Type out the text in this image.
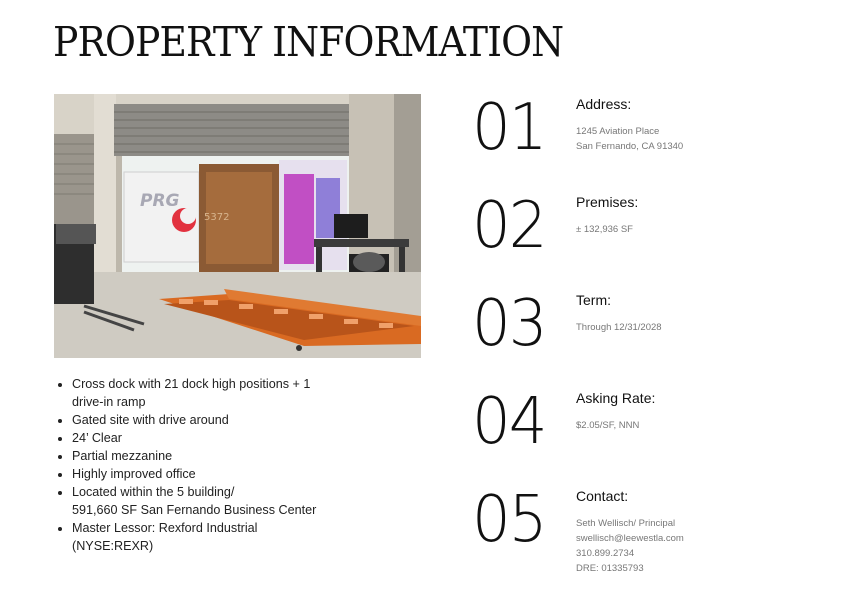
PROPERTY INFORMATION
PRG
5372
• Cross dock with 21 dock high positions + 1
drive-in ramp
• Gated site with drive around
• 24’ Clear
• Partial mezzanine
• Highly improved office
• Located within the 5 building/
591,660 SF San Fernando Business Center
• Master Lessor: Rexford Industrial
(NYSE:REXR)
01 Address:
1245 Aviation Place
San Fernando, CA 91340
02 Premises:
± 132,936 SF
03 Term:
Through 12/31/2028
04 Asking Rate:
$2.05/SF, NNN
05 Contact:
Seth Wellisch/ Principal
swellisch@leewestla.com
310.899.2734
DRE: 01335793
